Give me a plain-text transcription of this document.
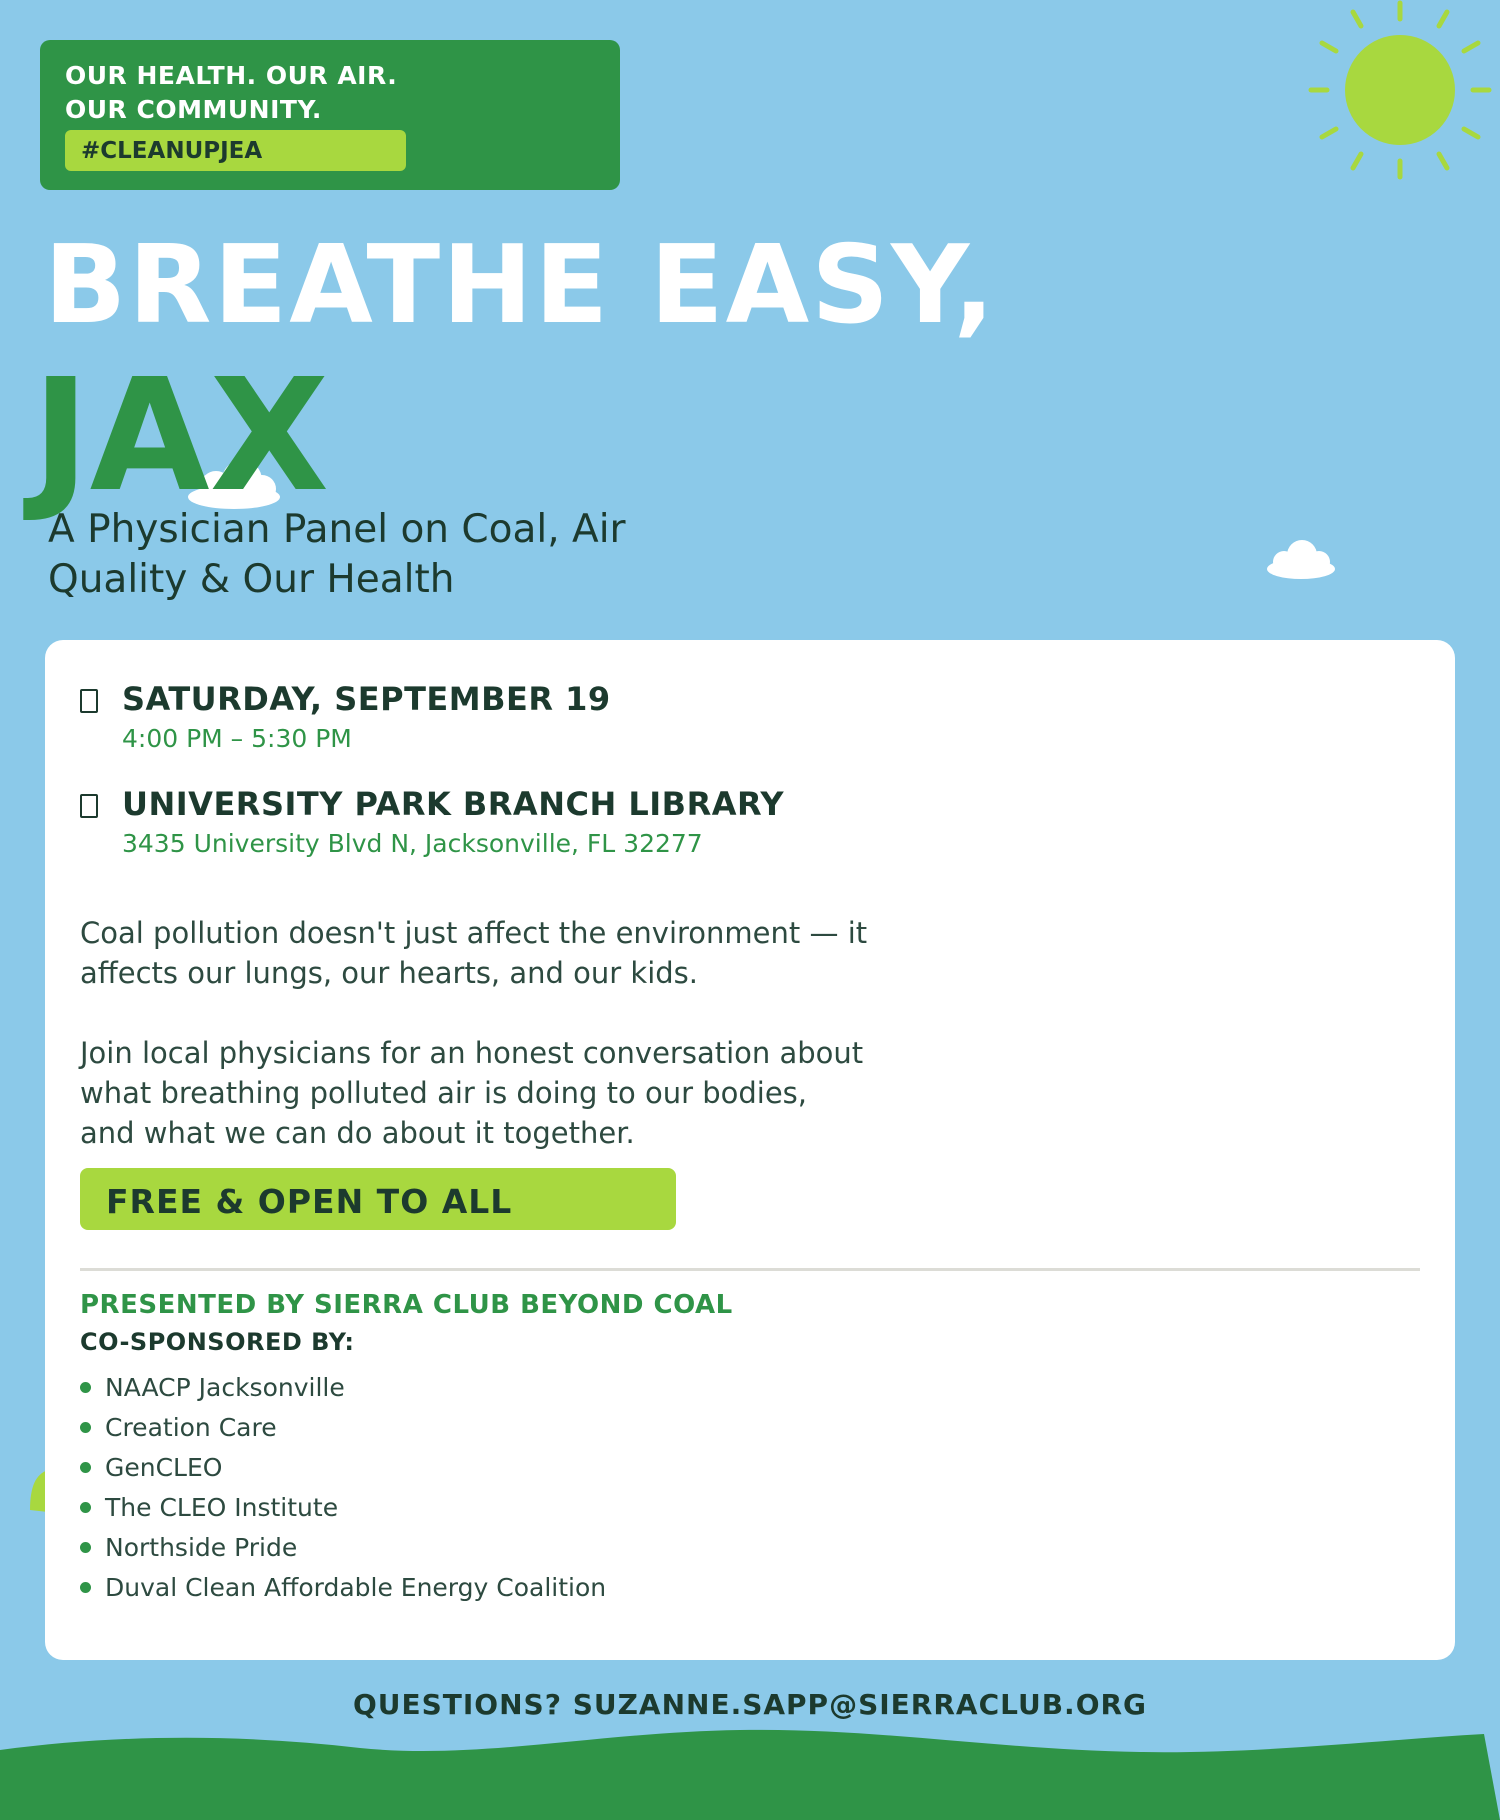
OUR HEALTH. OUR AIR.
OUR COMMUNITY.
#CLEANUPJEA
BREATHE EASY,
JAX
A Physician Panel on Coal, Air Quality & Our Health
SATURDAY, SEPTEMBER 19
4:00 PM – 5:30 PM
UNIVERSITY PARK BRANCH LIBRARY
3435 University Blvd N, Jacksonville, FL 32277
Coal pollution doesn't just affect the environment — it affects our lungs, our hearts, and our kids.
Join local physicians for an honest conversation about what breathing polluted air is doing to our bodies, and what we can do about it together.
FREE & OPEN TO ALL
PRESENTED BY SIERRA CLUB BEYOND COAL
CO-SPONSORED BY:
NAACP Jacksonville
Creation Care
GenCLEO
The CLEO Institute
Northside Pride
Duval Clean Affordable Energy Coalition
QUESTIONS? SUZANNE.SAPP@SIERRACLUB.ORG
